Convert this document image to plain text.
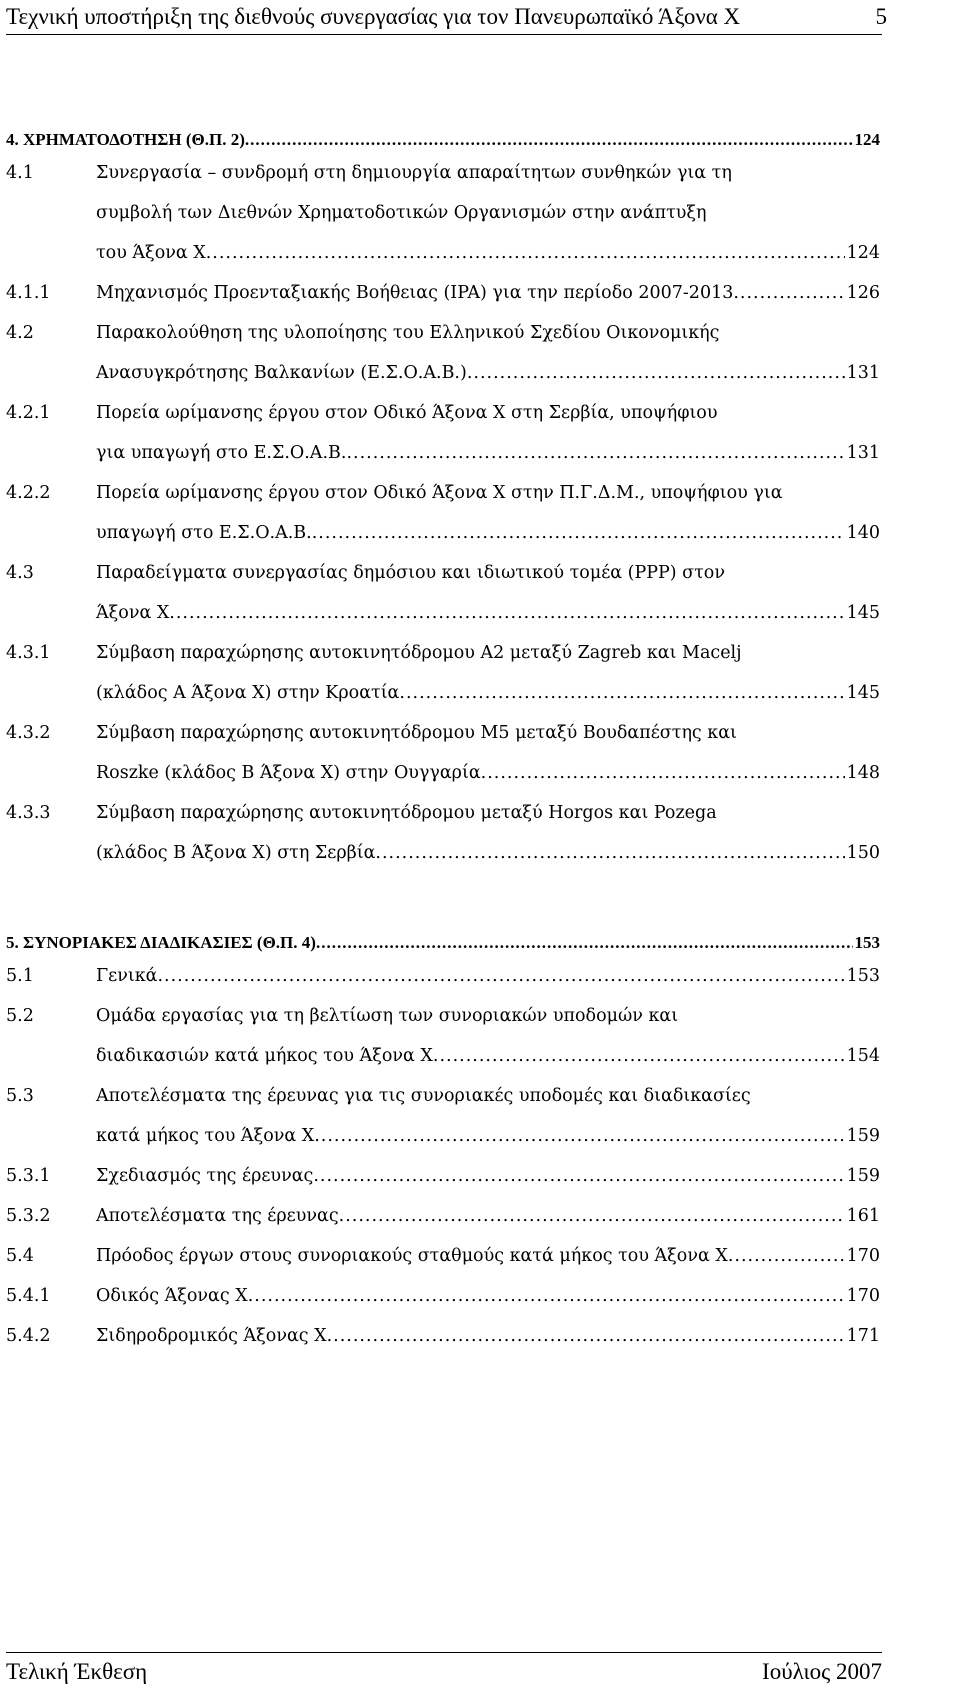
Τεχνική υποστήριξη της διεθνούς συνεργασίας για τον Πανευρωπαϊκό Άξονα Χ	5
4. ΧΡΗΜΑΤΟΔΟΤΗΣΗ (Θ.Π. 2) .....	124
4.1	Συνεργασία – συνδρομή στη δημιουργία απαραίτητων συνθηκών για τη
συμβολή των Διεθνών Χρηματοδοτικών Οργανισμών στην ανάπτυξη
του Άξονα Χ .....	124
4.1.1	Μηχανισμός Προενταξιακής Βοήθειας (IPA) για την περίοδο 2007-2013 .....	126
4.2	Παρακολούθηση της υλοποίησης του Ελληνικού Σχεδίου Οικονομικής
Ανασυγκρότησης Βαλκανίων (Ε.Σ.Ο.Α.Β.) .....	131
4.2.1	Πορεία ωρίμανσης έργου στον Οδικό Άξονα Χ στη Σερβία, υποψήφιου
για υπαγωγή στο Ε.Σ.Ο.Α.Β. .....	131
4.2.2	Πορεία ωρίμανσης έργου στον Οδικό Άξονα Χ στην Π.Γ.Δ.Μ., υποψήφιου για
υπαγωγή στο Ε.Σ.Ο.Α.Β. .....	140
4.3	Παραδείγματα συνεργασίας δημόσιου και ιδιωτικού τομέα (PPP) στον
Άξονα Χ .....	145
4.3.1	Σύμβαση παραχώρησης αυτοκινητόδρομου Α2 μεταξύ Zagreb και Macelj
(κλάδος Α Άξονα Χ) στην Κροατία .....	145
4.3.2	Σύμβαση παραχώρησης αυτοκινητόδρομου Μ5 μεταξύ Βουδαπέστης και
Roszke (κλάδος Β Άξονα Χ) στην Ουγγαρία .....	148
4.3.3	Σύμβαση παραχώρησης αυτοκινητόδρομου μεταξύ Horgos και Pozega
(κλάδος Β Άξονα Χ) στη Σερβία .....	150
5. ΣΥΝΟΡΙΑΚΕΣ ΔΙΑΔΙΚΑΣΙΕΣ (Θ.Π. 4) .....	153
5.1	Γενικά .....	153
5.2	Ομάδα εργασίας για τη βελτίωση των συνοριακών υποδομών και
διαδικασιών κατά μήκος του Άξονα Χ .....	154
5.3	Αποτελέσματα της έρευνας για τις συνοριακές υποδομές και διαδικασίες
κατά μήκος του Άξονα Χ .....	159
5.3.1	Σχεδιασμός της έρευνας .....	159
5.3.2	Αποτελέσματα της έρευνας .....	161
5.4	Πρόοδος έργων στους συνοριακούς σταθμούς κατά μήκος του Άξονα Χ .....	170
5.4.1	Οδικός Άξονας Χ .....	170
5.4.2	Σιδηροδρομικός Άξονας Χ .....	171
Τελική Έκθεση	Ιούλιος 2007
